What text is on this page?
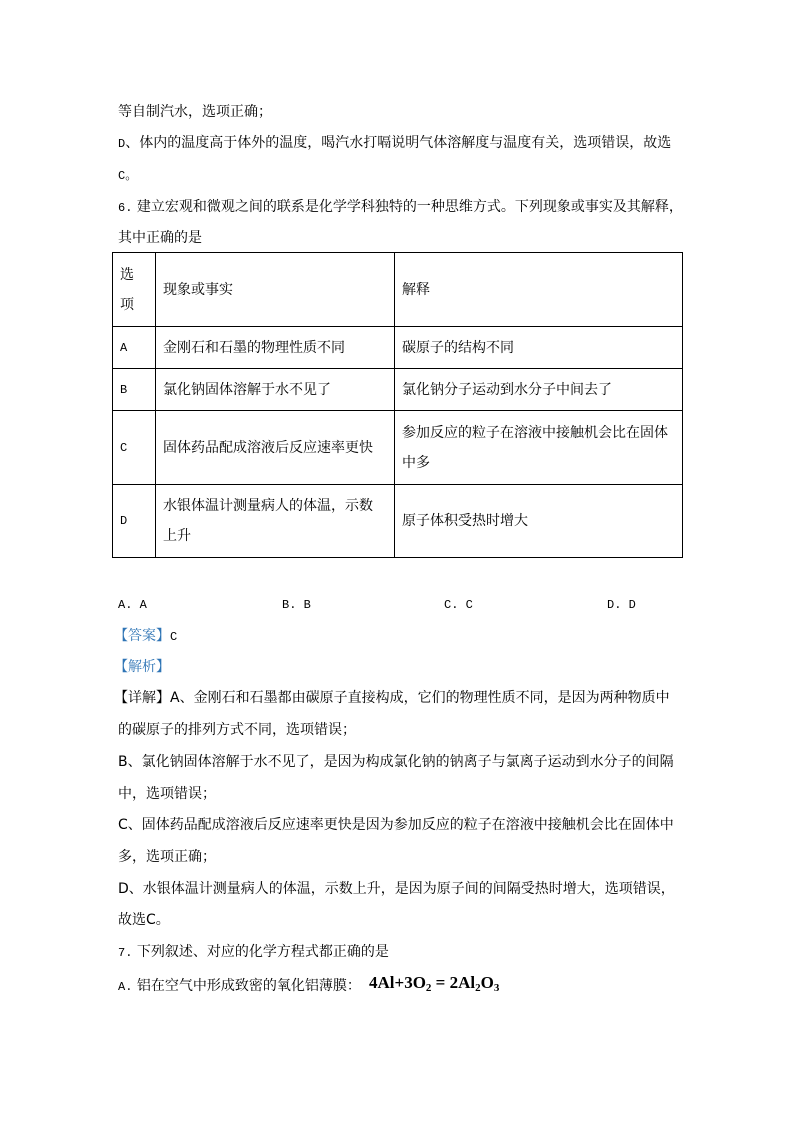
等自制汽水，选项正确；
D、体内的温度高于体外的温度，喝汽水打嗝说明气体溶解度与温度有关，选项错误，故选
C。
6. 建立宏观和微观之间的联系是化学学科独特的一种思维方式。下列现象或事实及其解释，
其中正确的是
选
项	现象或事实	解释
A	金刚石和石墨的物理性质不同	碳原子的结构不同
B	氯化钠固体溶解于水不见了	氯化钠分子运动到水分子中间去了
C	固体药品配成溶液后反应速率更快	参加反应的粒子在溶液中接触机会比在固体
中多

D	水银体温计测量病人的体温，示数
上升	原子体积受热时增大
A. A	B. B	C. C	D. D
【答案】C
【解析】
【详解】A、金刚石和石墨都由碳原子直接构成，它们的物理性质不同，是因为两种物质中
的碳原子的排列方式不同，选项错误；
B、氯化钠固体溶解于水不见了，是因为构成氯化钠的钠离子与氯离子运动到水分子的间隔
中，选项错误；
C、固体药品配成溶液后反应速率更快是因为参加反应的粒子在溶液中接触机会比在固体中
多，选项正确；
D、水银体温计测量病人的体温，示数上升，是因为原子间的间隔受热时增大，选项错误，
故选C。
7. 下列叙述、对应的化学方程式都正确的是
A. 铝在空气中形成致密的氧化铝薄膜： $4Al+3O_2 = 2Al_2O_3$
